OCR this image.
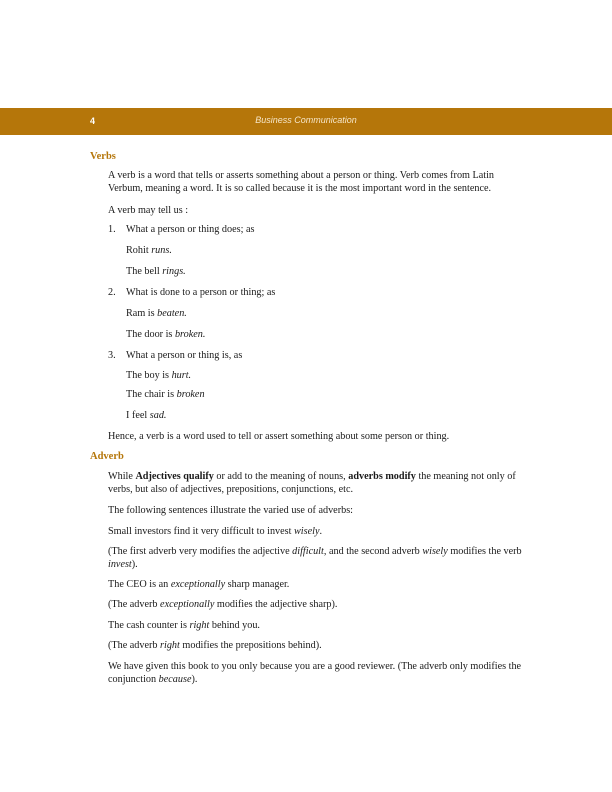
4	Business Communication
Verbs
A verb is a word that tells or asserts something about a person or thing. Verb comes from Latin Verbum, meaning a word. It is so called because it is the most important word in the sentence.
A verb may tell us :
1. What a person or thing does; as
Rohit runs.
The bell rings.
2. What is done to a person or thing; as
Ram is beaten.
The door is broken.
3. What a person or thing is, as
The boy is hurt.
The chair is broken
I feel sad.
Hence, a verb is a word used to tell or assert something about some person or thing.
Adverb
While Adjectives qualify or add to the meaning of nouns, adverbs modify the meaning not only of verbs, but also of adjectives, prepositions, conjunctions, etc.
The following sentences illustrate the varied use of adverbs:
Small investors find it very difficult to invest wisely.
(The first adverb very modifies the adjective difficult, and the second adverb wisely modifies the verb invest).
The CEO is an exceptionally sharp manager.
(The adverb exceptionally modifies the adjective sharp).
The cash counter is right behind you.
(The adverb right modifies the prepositions behind).
We have given this book to you only because you are a good reviewer. (The adverb only modifies the conjunction because).
